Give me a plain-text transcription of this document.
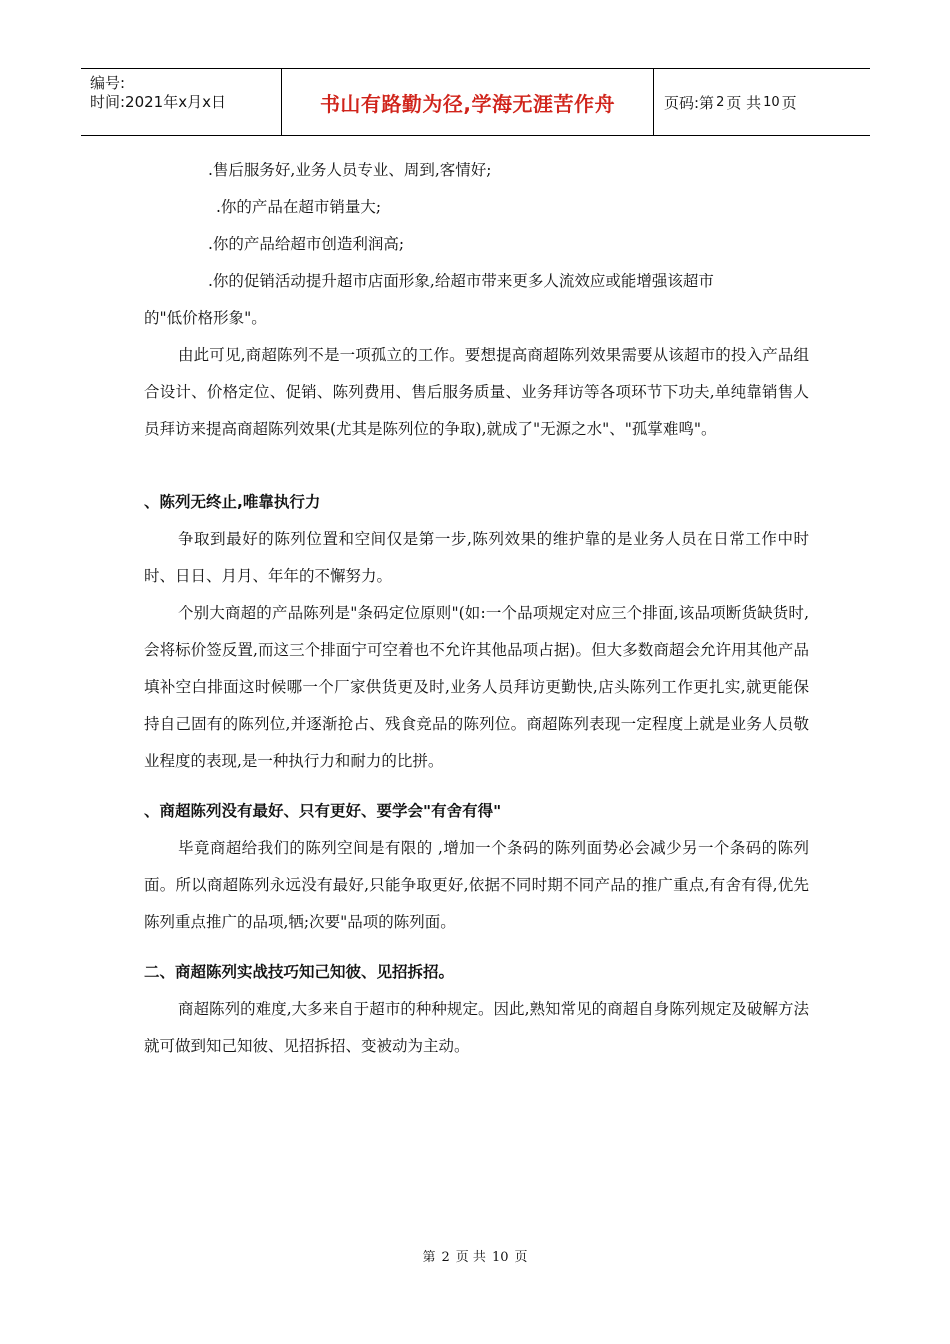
编号:
时间:2021年x月x日	书山有路勤为径,学海无涯苦作舟	页码:第 2 页 共 10 页
.售后服务好,业务人员专业、周到,客情好;
.你的产品在超市销量大;
.你的产品给超市创造利润高;
.你的促销活动提升超市店面形象,给超市带来更多人流效应或能增强该超市
的"低价格形象"。

由此可见,商超陈列不是一项孤立的工作。要想提高商超陈列效果需要从该超市的投入产品组合设计、价格定位、促销、陈列费用、售后服务质量、业务拜访等各项环节下功夫,单纯靠销售人员拜访来提高商超陈列效果(尤其是陈列位的争取),就成了"无源之水"、"孤掌难鸣"。

、陈列无终止,唯靠执行力

争取到最好的陈列位置和空间仅是第一步,陈列效果的维护靠的是业务人员在日常工作中时时、日日、月月、年年的不懈努力。

个别大商超的产品陈列是"条码定位原则"(如:一个品项规定对应三个排面,该品项断货缺货时,会将标价签反置,而这三个排面宁可空着也不允许其他品项占据)。但大多数商超会允许用其他产品填补空白排面这时候哪一个厂家供货更及时,业务人员拜访更勤快,店头陈列工作更扎实,就更能保持自己固有的陈列位,并逐渐抢占、残食竞品的陈列位。商超陈列表现一定程度上就是业务人员敬业程度的表现,是一种执行力和耐力的比拼。

、商超陈列没有最好、只有更好、要学会"有舍有得"

毕竟商超给我们的陈列空间是有限的 ,增加一个条码的陈列面势必会减少另一个条码的陈列面。所以商超陈列永远没有最好,只能争取更好,依据不同时期不同产品的推广重点,有舍有得,优先陈列重点推广的品项,牺;次要"品项的陈列面。

二、商超陈列实战技巧知己知彼、见招拆招。

商超陈列的难度,大多来自于超市的种种规定。因此,熟知常见的商超自身陈列规定及破解方法就可做到知己知彼、见招拆招、变被动为主动。

第 2 页 共 10 页
